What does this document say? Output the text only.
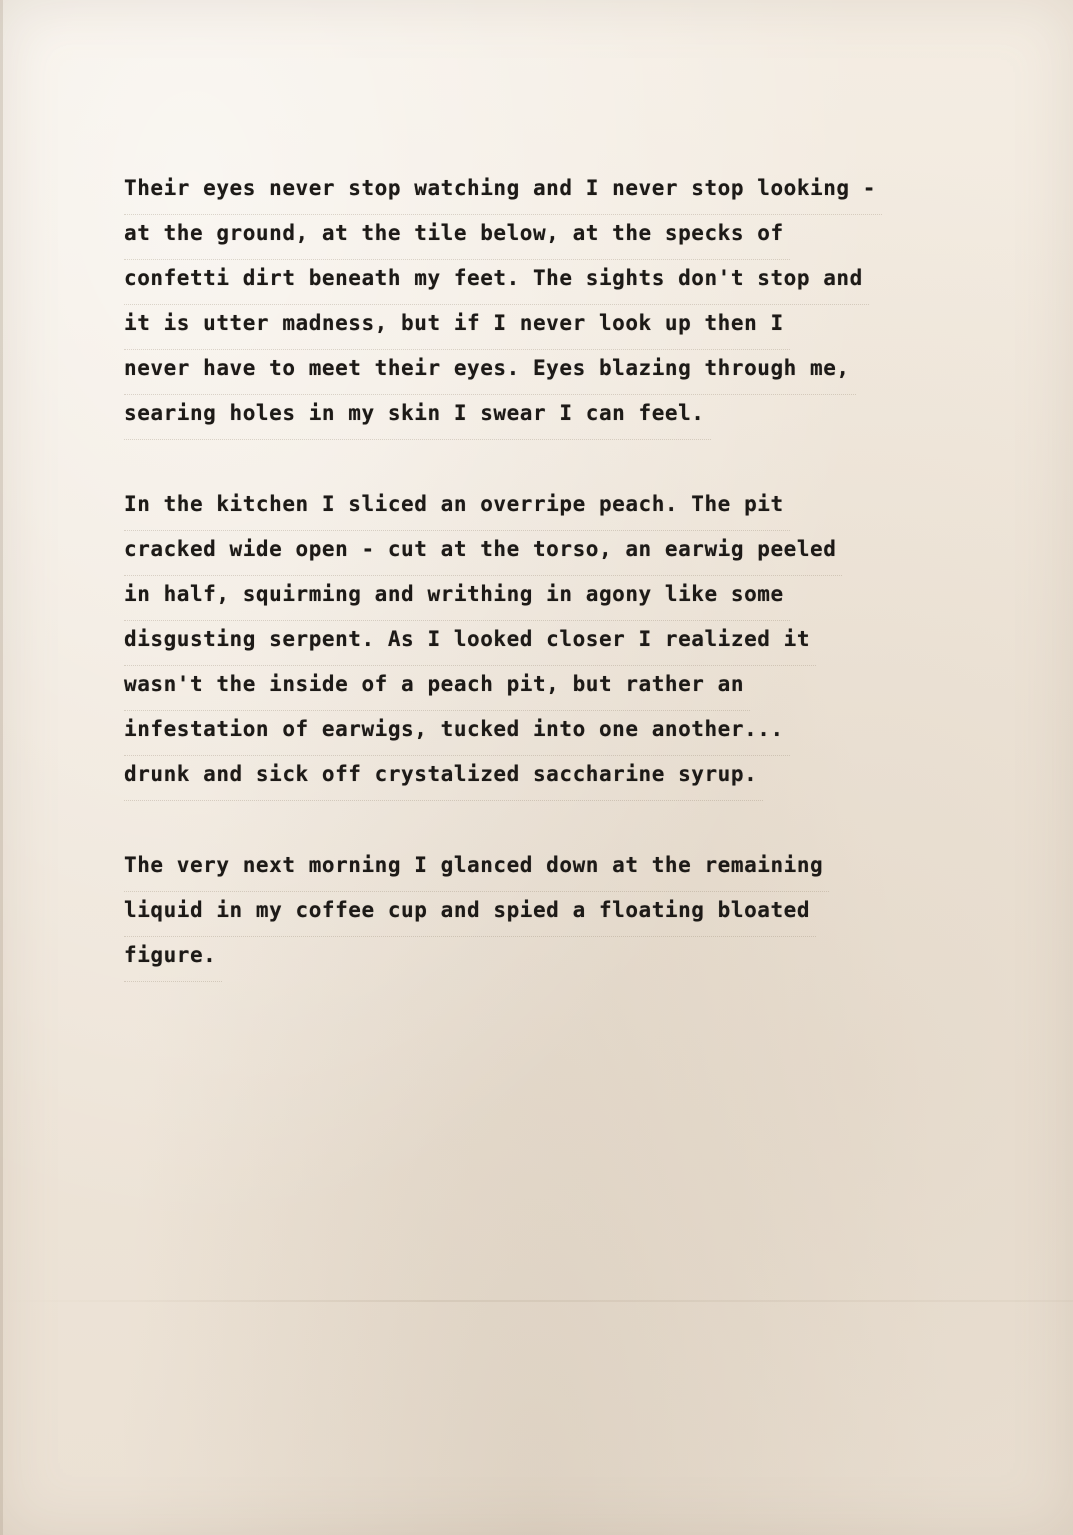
Their eyes never stop watching and I never stop looking -
at the ground, at the tile below, at the specks of
confetti dirt beneath my feet. The sights don't stop and
it is utter madness, but if I never look up then I
never have to meet their eyes. Eyes blazing through me,
searing holes in my skin I swear I can feel.
In the kitchen I sliced an overripe peach. The pit
cracked wide open - cut at the torso, an earwig peeled
in half, squirming and writhing in agony like some
disgusting serpent. As I looked closer I realized it
wasn't the inside of a peach pit, but rather an
infestation of earwigs, tucked into one another...
drunk and sick off crystalized saccharine syrup.
The very next morning I glanced down at the remaining
liquid in my coffee cup and spied a floating bloated
figure.
